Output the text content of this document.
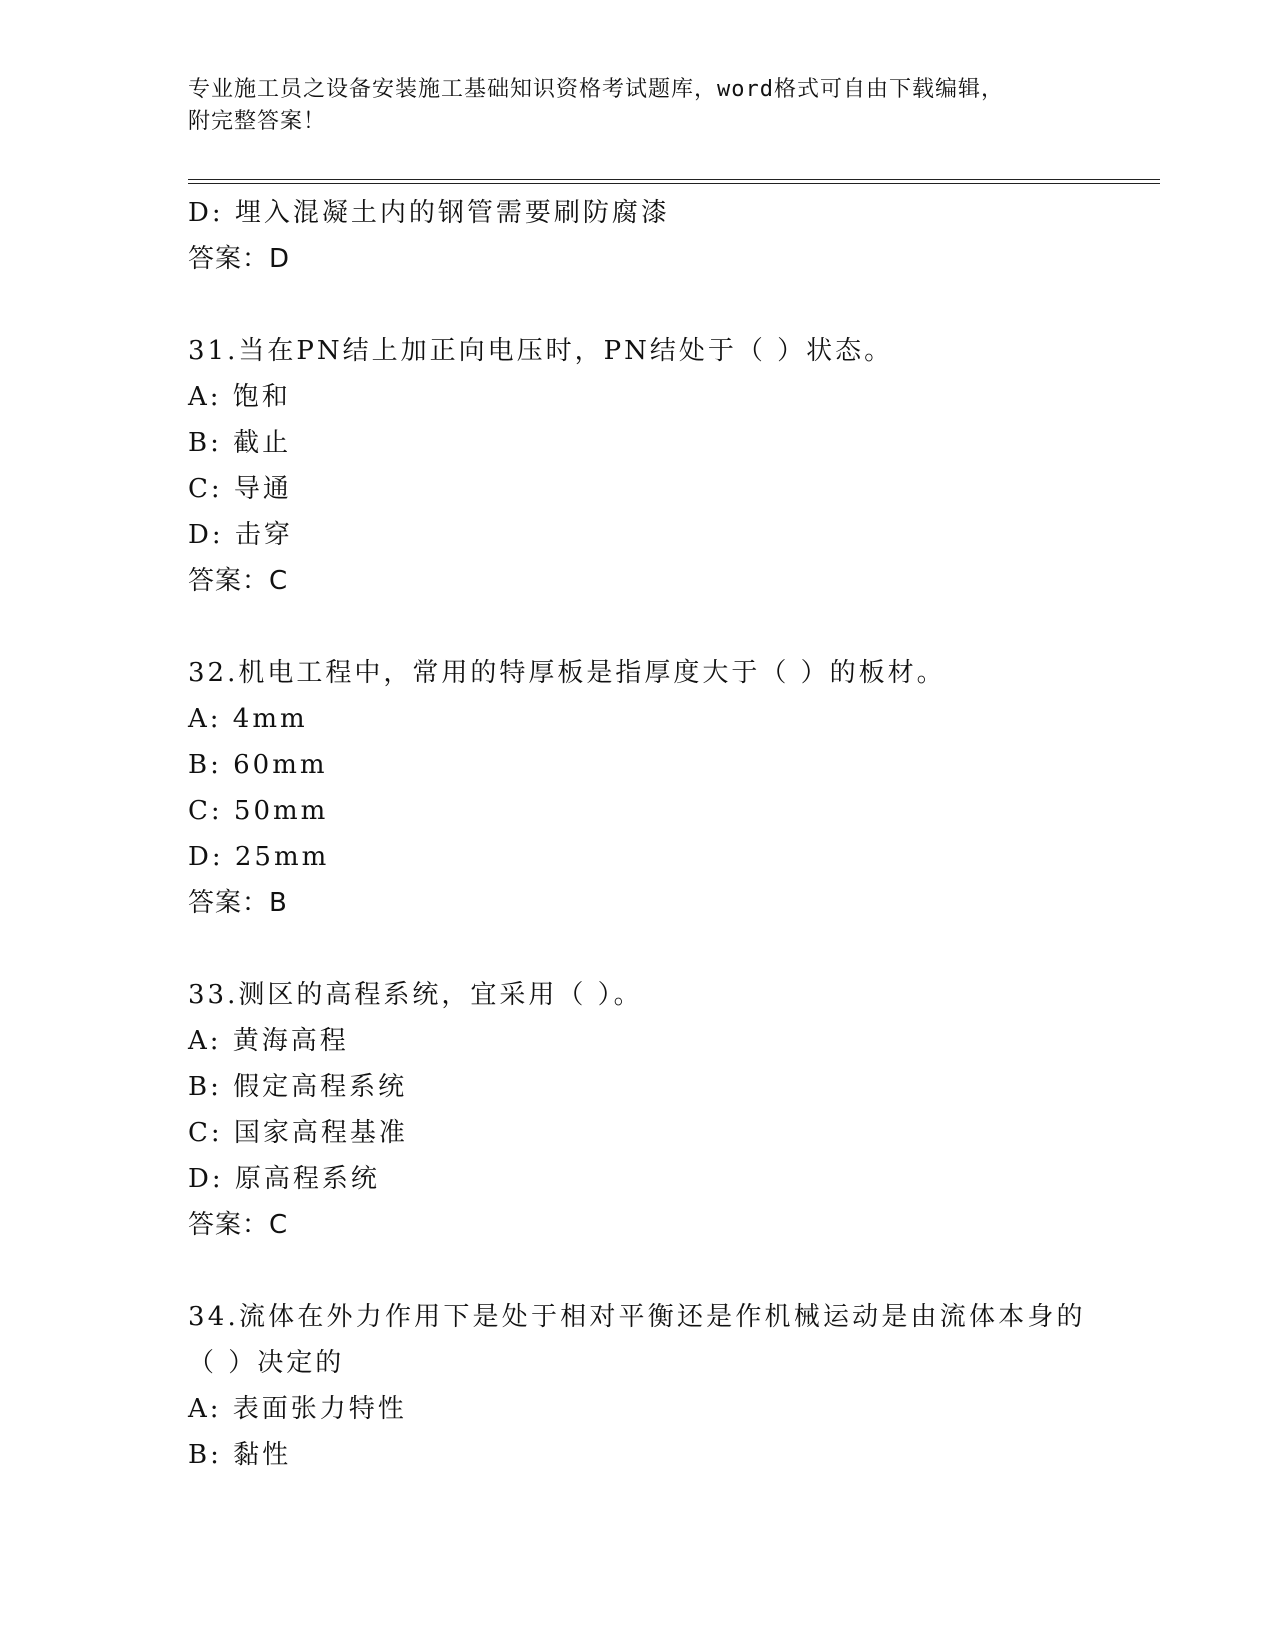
专业施工员之设备安装施工基础知识资格考试题库，word格式可自由下载编辑，
附完整答案！
D: 埋入混凝土内的钢管需要刷防腐漆
答案：D
31.当在PN结上加正向电压时，PN结处于（ ）状态。
A: 饱和
B: 截止
C: 导通
D: 击穿
答案：C
32.机电工程中，常用的特厚板是指厚度大于（ ）的板材。
A: 4mm
B: 60mm
C: 50mm
D: 25mm
答案：B
33.测区的高程系统，宜采用（ ）。
A: 黄海高程
B: 假定高程系统
C: 国家高程基准
D: 原高程系统
答案：C
34.流体在外力作用下是处于相对平衡还是作机械运动是由流体本身的
（ ）决定的
A: 表面张力特性
B: 黏性
